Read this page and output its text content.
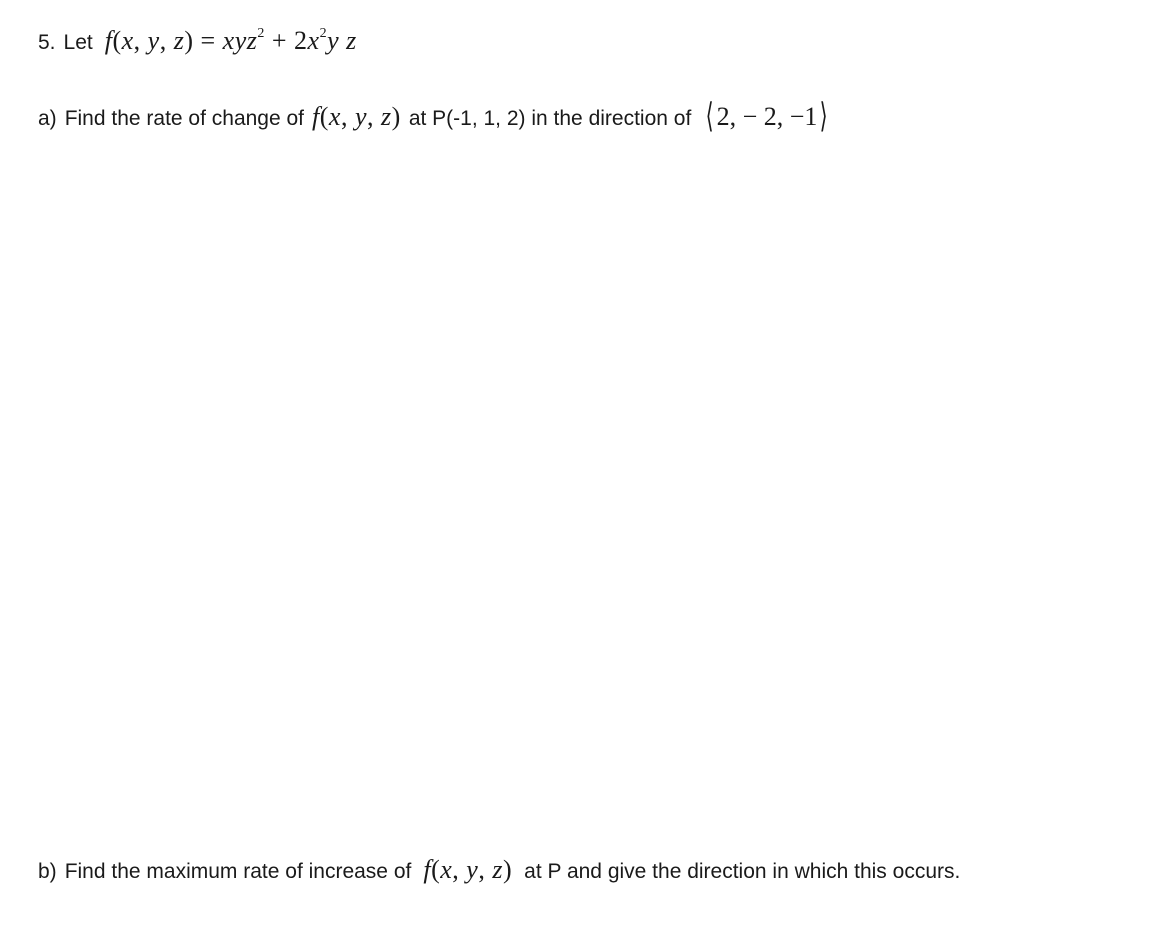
5. Let f(x, y, $z) = xyz^2 + 2x^2y$ z
a) Find the rate of change of f(x, y, z) at P(-1, 1, 2) in the direction of ⟨ 2, − 2, −1⟩
b) Find the maximum rate of increase of f(x, y, z) at P and give the direction in which this occurs.
